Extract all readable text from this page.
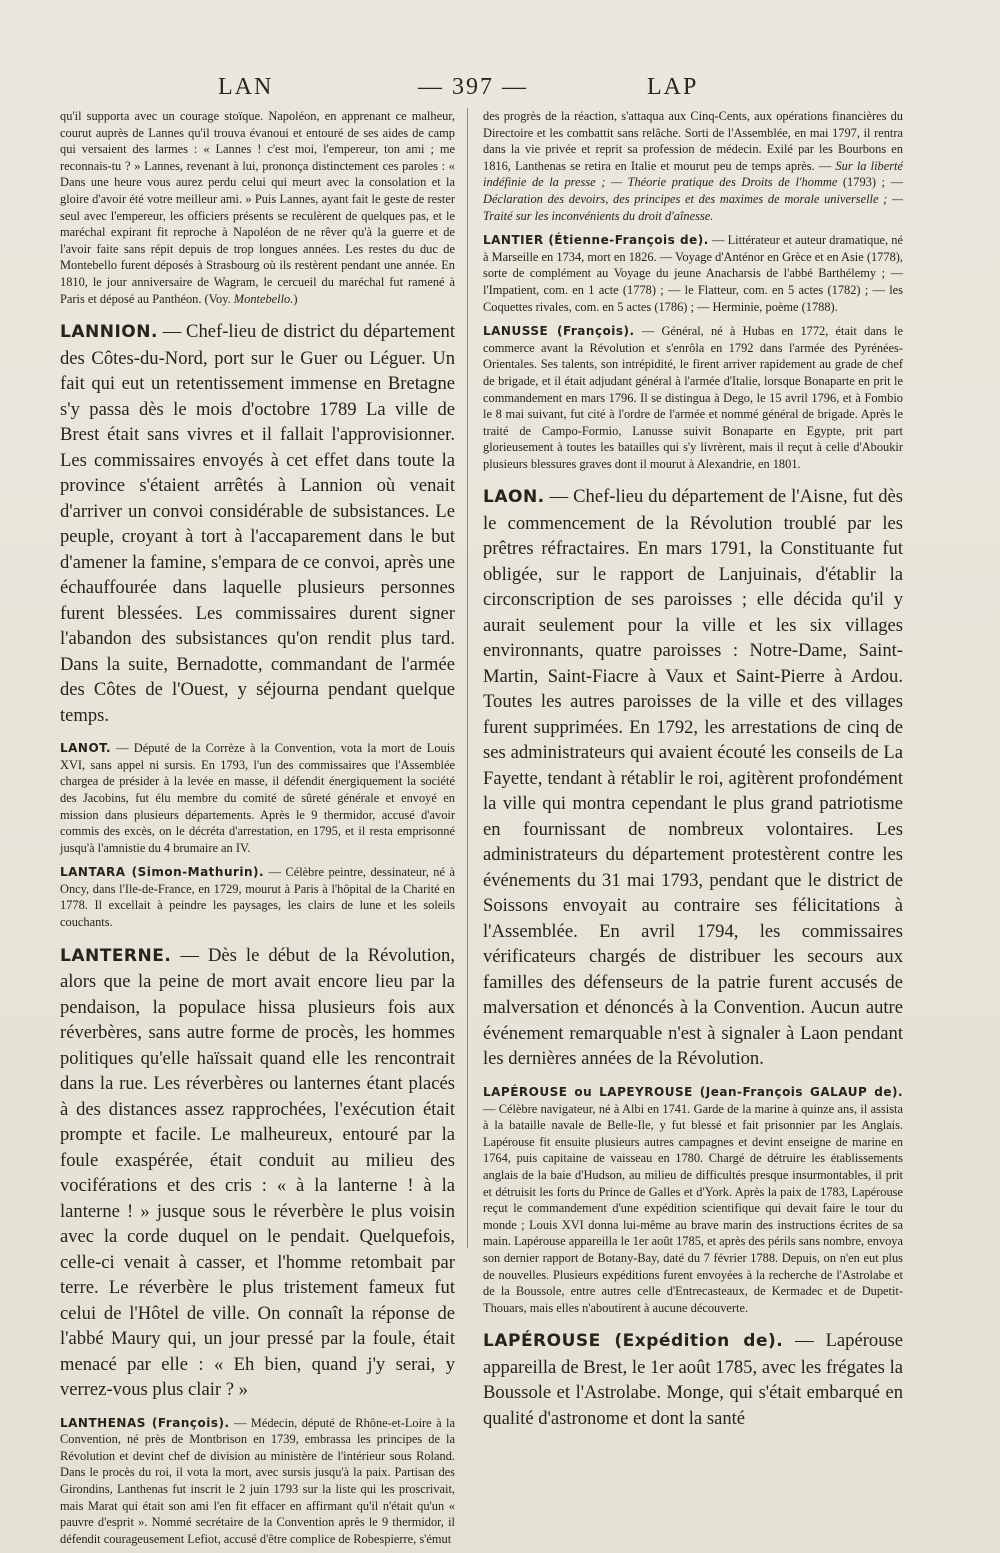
LAN	— 397 —	LAP

qu'il supporta avec un courage stoïque. Napoléon, en apprenant ce malheur, courut auprès de Lannes qu'il trouva évanoui et entouré de ses aides de camp qui versaient des larmes : « Lannes ! c'est moi, l'empereur, ton ami ; me reconnais-tu ? » Lannes, revenant à lui, prononça distinctement ces paroles : « Dans une heure vous aurez perdu celui qui meurt avec la consolation et la gloire d'avoir été votre meilleur ami. » Puis Lannes, ayant fait le geste de rester seul avec l'empereur, les officiers présents se reculèrent de quelques pas, et le maréchal expirant fit reproche à Napoléon de ne rêver qu'à la guerre et de l'avoir faite sans répit depuis de trop longues années. Les restes du duc de Montebello furent déposés à Strasbourg où ils restèrent pendant une année. En 1810, le jour anniversaire de Wagram, le cercueil du maréchal fut ramené à Paris et déposé au Panthéon. (Voy. Montebello.)

LANNION. — Chef-lieu de district du département des Côtes-du-Nord, port sur le Guer ou Léguer. Un fait qui eut un retentissement immense en Bretagne s'y passa dès le mois d'octobre 1789 La ville de Brest était sans vivres et il fallait l'approvisionner. Les commissaires envoyés à cet effet dans toute la province s'étaient arrêtés à Lannion où venait d'arriver un convoi considérable de subsistances. Le peuple, croyant à tort à l'accaparement dans le but d'amener la famine, s'empara de ce convoi, après une échauffourée dans laquelle plusieurs personnes furent blessées. Les commissaires durent signer l'abandon des subsistances qu'on rendit plus tard. Dans la suite, Bernadotte, commandant de l'armée des Côtes de l'Ouest, y séjourna pendant quelque temps.

LANOT. — Député de la Corrèze à la Convention, vota la mort de Louis XVI, sans appel ni sursis. En 1793, l'un des commissaires que l'Assemblée chargea de présider à la levée en masse, il défendit énergiquement la société des Jacobins, fut élu membre du comité de sûreté générale et envoyé en mission dans plusieurs départements. Après le 9 thermidor, accusé d'avoir commis des excès, on le décréta d'arrestation, en 1795, et il resta emprisonné jusqu'à l'amnistie du 4 brumaire an IV.

LANTARA (Simon-Mathurin). — Célèbre peintre, dessinateur, né à Oncy, dans l'Ile-de-France, en 1729, mourut à Paris à l'hôpital de la Charité en 1778. Il excellait à peindre les paysages, les clairs de lune et les soleils couchants.

LANTERNE. — Dès le début de la Révolution, alors que la peine de mort avait encore lieu par la pendaison, la populace hissa plusieurs fois aux réverbères, sans autre forme de procès, les hommes politiques qu'elle haïssait quand elle les rencontrait dans la rue. Les réverbères ou lanternes étant placés à des distances assez rapprochées, l'exécution était prompte et facile. Le malheureux, entouré par la foule exaspérée, était conduit au milieu des vociférations et des cris : « à la lanterne ! à la lanterne ! » jusque sous le réverbère le plus voisin avec la corde duquel on le pendait. Quelquefois, celle-ci venait à casser, et l'homme retombait par terre. Le réverbère le plus tristement fameux fut celui de l'Hôtel de ville. On connaît la réponse de l'abbé Maury qui, un jour pressé par la foule, était menacé par elle : « Eh bien, quand j'y serai, y verrez-vous plus clair ? »

LANTHENAS (François). — Médecin, député de Rhône-et-Loire à la Convention, né près de Montbrison en 1739, embrassa les principes de la Révolution et devint chef de division au ministère de l'intérieur sous Roland. Dans le procès du roi, il vota la mort, avec sursis jusqu'à la paix. Partisan des Girondins, Lanthenas fut inscrit le 2 juin 1793 sur la liste qui les proscrivait, mais Marat qui était son ami l'en fit effacer en affirmant qu'il n'était qu'un « pauvre d'esprit ». Nommé secrétaire de la Convention après le 9 thermidor, il défendit courageusement Lefiot, accusé d'être complice de Robespierre, s'émut

des progrès de la réaction, s'attaqua aux Cinq-Cents, aux opérations financières du Directoire et les combattit sans relâche. Sorti de l'Assemblée, en mai 1797, il rentra dans la vie privée et reprit sa profession de médecin. Exilé par les Bourbons en 1816, Lanthenas se retira en Italie et mourut peu de temps après. — Sur la liberté indéfinie de la presse ; — Théorie pratique des Droits de l'homme (1793) ; — Déclaration des devoirs, des principes et des maximes de morale universelle ; — Traité sur les inconvénients du droit d'aînesse.

LANTIER (Étienne-François de). — Littérateur et auteur dramatique, né à Marseille en 1734, mort en 1826. — Voyage d'Anténor en Grèce et en Asie (1778), sorte de complément au Voyage du jeune Anacharsis de l'abbé Barthélemy ; — l'Impatient, com. en 1 acte (1778) ; — le Flatteur, com. en 5 actes (1782) ; — les Coquettes rivales, com. en 5 actes (1786) ; — Herminie, poème (1788).

LANUSSE (François). — Général, né à Hubas en 1772, était dans le commerce avant la Révolution et s'enrôla en 1792 dans l'armée des Pyrénées-Orientales. Ses talents, son intrépidité, le firent arriver rapidement au grade de chef de brigade, et il était adjudant général à l'armée d'Italie, lorsque Bonaparte en prit le commandement en mars 1796. Il se distingua à Dego, le 15 avril 1796, et à Fombio le 8 mai suivant, fut cité à l'ordre de l'armée et nommé général de brigade. Après le traité de Campo-Formio, Lanusse suivit Bonaparte en Egypte, prit part glorieusement à toutes les batailles qui s'y livrèrent, mais il reçut à celle d'Aboukir plusieurs blessures graves dont il mourut à Alexandrie, en 1801.

LAON. — Chef-lieu du département de l'Aisne, fut dès le commencement de la Révolution troublé par les prêtres réfractaires. En mars 1791, la Constituante fut obligée, sur le rapport de Lanjuinais, d'établir la circonscription de ses paroisses ; elle décida qu'il y aurait seulement pour la ville et les six villages environnants, quatre paroisses : Notre-Dame, Saint-Martin, Saint-Fiacre à Vaux et Saint-Pierre à Ardou. Toutes les autres paroisses de la ville et des villages furent supprimées. En 1792, les arrestations de cinq de ses administrateurs qui avaient écouté les conseils de La Fayette, tendant à rétablir le roi, agitèrent profondément la ville qui montra cependant le plus grand patriotisme en fournissant de nombreux volontaires. Les administrateurs du département protestèrent contre les événements du 31 mai 1793, pendant que le district de Soissons envoyait au contraire ses félicitations à l'Assemblée. En avril 1794, les commissaires vérificateurs chargés de distribuer les secours aux familles des défenseurs de la patrie furent accusés de malversation et dénoncés à la Convention. Aucun autre événement remarquable n'est à signaler à Laon pendant les dernières années de la Révolution.

LAPÉROUSE ou LAPEYROUSE (Jean-François GALAUP de). — Célèbre navigateur, né à Albi en 1741. Garde de la marine à quinze ans, il assista à la bataille navale de Belle-Ile, y fut blessé et fait prisonnier par les Anglais. Lapérouse fit ensuite plusieurs autres campagnes et devint enseigne de marine en 1764, puis capitaine de vaisseau en 1780. Chargé de détruire les établissements anglais de la baie d'Hudson, au milieu de difficultés presque insurmontables, il prit et détruisit les forts du Prince de Galles et d'York. Après la paix de 1783, Lapérouse reçut le commandement d'une expédition scientifique qui devait faire le tour du monde ; Louis XVI donna lui-même au brave marin des instructions écrites de sa main. Lapérouse appareilla le 1er août 1785, et après des périls sans nombre, envoya son dernier rapport de Botany-Bay, daté du 7 février 1788. Depuis, on n'en eut plus de nouvelles. Plusieurs expéditions furent envoyées à la recherche de l'Astrolabe et de la Boussole, entre autres celle d'Entrecasteaux, de Kermadec et de Dupetit-Thouars, mais elles n'aboutirent à aucune découverte.

LAPÉROUSE (Expédition de). — Lapérouse appareilla de Brest, le 1er août 1785, avec les frégates la Boussole et l'Astrolabe. Monge, qui s'était embarqué en qualité d'astronome et dont la santé
